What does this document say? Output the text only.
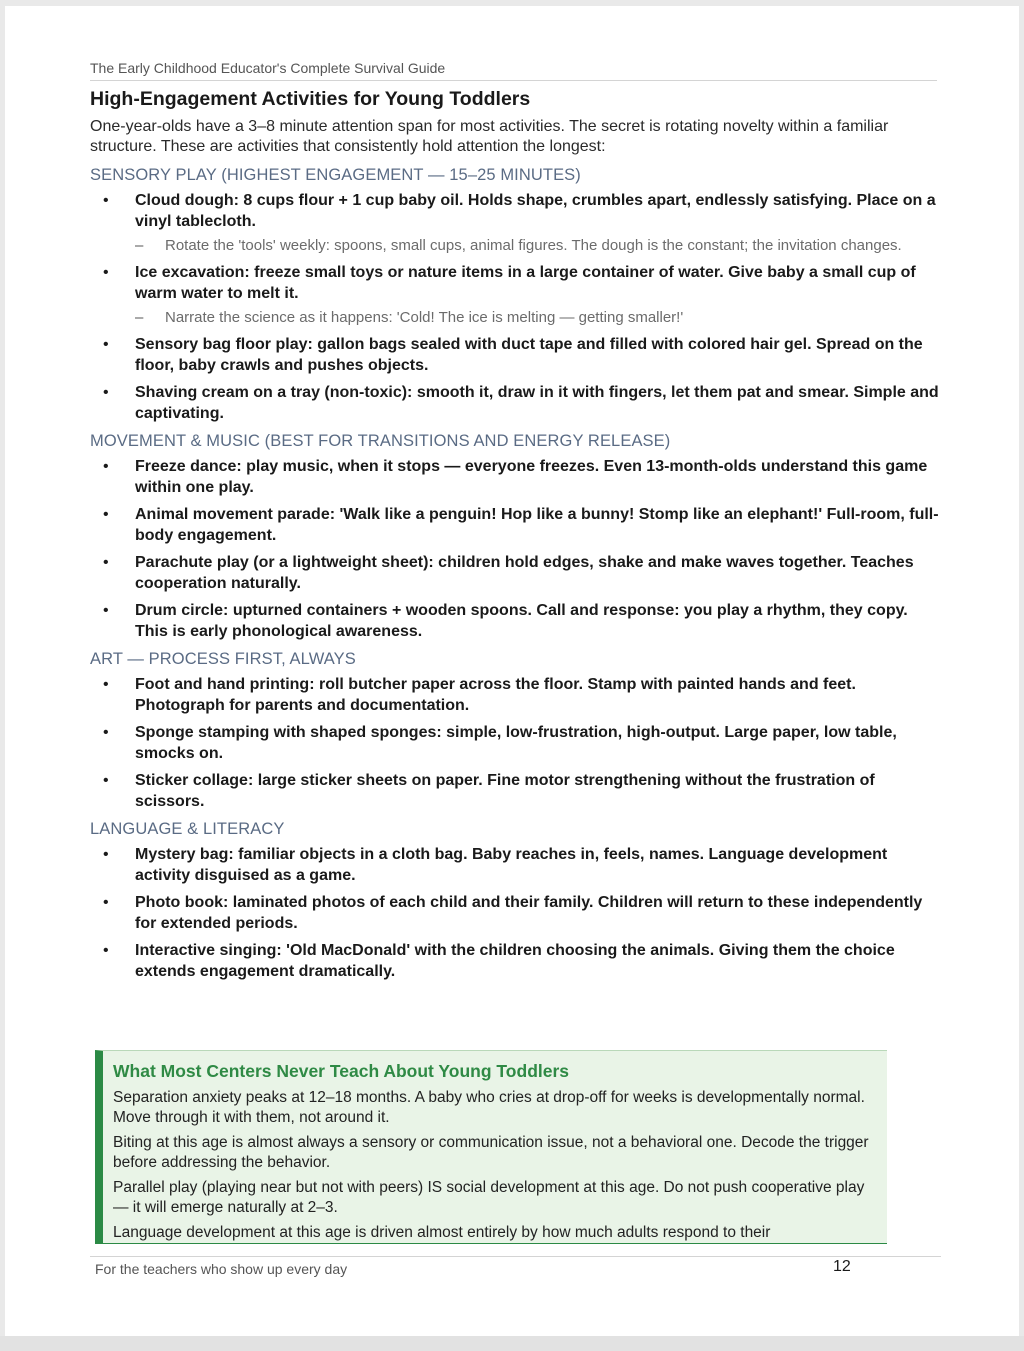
The Early Childhood Educator's Complete Survival Guide
High-Engagement Activities for Young Toddlers

One-year-olds have a 3–8 minute attention span for most activities. The secret is rotating novelty within a familiar structure. These are activities that consistently hold attention the longest:

SENSORY PLAY (HIGHEST ENGAGEMENT — 15–25 MINUTES)
• Cloud dough: 8 cups flour + 1 cup baby oil. Holds shape, crumbles apart, endlessly satisfying. Place on a vinyl tablecloth.
– Rotate the 'tools' weekly: spoons, small cups, animal figures. The dough is the constant; the invitation changes.
• Ice excavation: freeze small toys or nature items in a large container of water. Give baby a small cup of warm water to melt it.
– Narrate the science as it happens: 'Cold! The ice is melting — getting smaller!'
• Sensory bag floor play: gallon bags sealed with duct tape and filled with colored hair gel. Spread on the floor, baby crawls and pushes objects.
• Shaving cream on a tray (non-toxic): smooth it, draw in it with fingers, let them pat and smear. Simple and captivating.
MOVEMENT & MUSIC (BEST FOR TRANSITIONS AND ENERGY RELEASE)
• Freeze dance: play music, when it stops — everyone freezes. Even 13-month-olds understand this game within one play.
• Animal movement parade: 'Walk like a penguin! Hop like a bunny! Stomp like an elephant!' Full-room, full-body engagement.
• Parachute play (or a lightweight sheet): children hold edges, shake and make waves together. Teaches cooperation naturally.
• Drum circle: upturned containers + wooden spoons. Call and response: you play a rhythm, they copy. This is early phonological awareness.
ART — PROCESS FIRST, ALWAYS
• Foot and hand printing: roll butcher paper across the floor. Stamp with painted hands and feet. Photograph for parents and documentation.
• Sponge stamping with shaped sponges: simple, low-frustration, high-output. Large paper, low table, smocks on.
• Sticker collage: large sticker sheets on paper. Fine motor strengthening without the frustration of scissors.
LANGUAGE & LITERACY
• Mystery bag: familiar objects in a cloth bag. Baby reaches in, feels, names. Language development activity disguised as a game.
• Photo book: laminated photos of each child and their family. Children will return to these independently for extended periods.
• Interactive singing: 'Old MacDonald' with the children choosing the animals. Giving them the choice extends engagement dramatically.
What Most Centers Never Teach About Young Toddlers

Separation anxiety peaks at 12–18 months. A baby who cries at drop-off for weeks is developmentally normal. Move through it with them, not around it.

Biting at this age is almost always a sensory or communication issue, not a behavioral one. Decode the trigger before addressing the behavior.

Parallel play (playing near but not with peers) IS social development at this age. Do not push cooperative play — it will emerge naturally at 2–3.

Language development at this age is driven almost entirely by how much adults respond to their

For the teachers who show up every day	12
